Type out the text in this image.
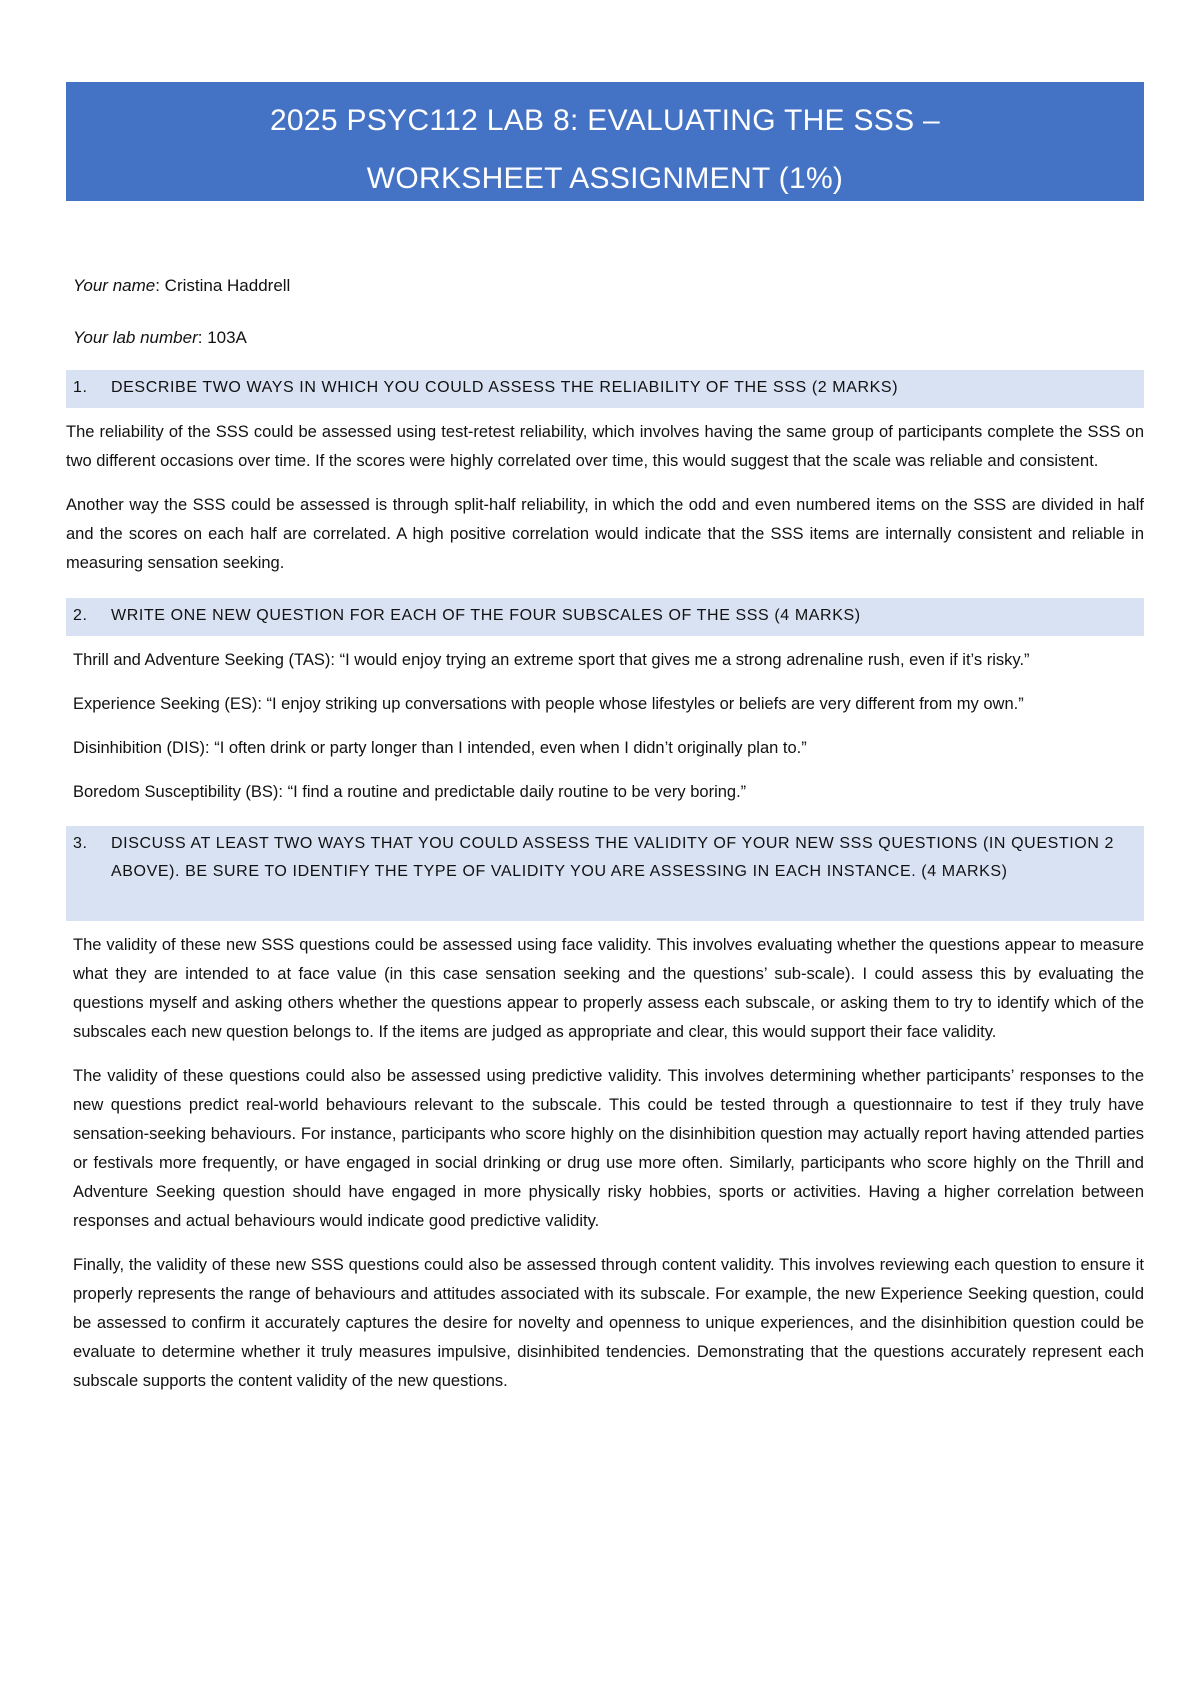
2025 PSYC112 LAB 8: EVALUATING THE SSS –
WORKSHEET ASSIGNMENT (1%)
Your name: Cristina Haddrell
Your lab number: 103A
1.	DESCRIBE TWO WAYS IN WHICH YOU COULD ASSESS THE RELIABILITY OF THE SSS (2 MARKS)

The reliability of the SSS could be assessed using test-retest reliability, which involves having the same group of participants complete the SSS on two different occasions over time. If the scores were highly correlated over time, this would suggest that the scale was reliable and consistent.

Another way the SSS could be assessed is through split-half reliability, in which the odd and even numbered items on the SSS are divided in half and the scores on each half are correlated. A high positive correlation would indicate that the SSS items are internally consistent and reliable in measuring sensation seeking.

2.	WRITE ONE NEW QUESTION FOR EACH OF THE FOUR SUBSCALES OF THE SSS (4 MARKS)

Thrill and Adventure Seeking (TAS): “I would enjoy trying an extreme sport that gives me a strong adrenaline rush, even if it’s risky.”

Experience Seeking (ES): “I enjoy striking up conversations with people whose lifestyles or beliefs are very different from my own.”

Disinhibition (DIS): “I often drink or party longer than I intended, even when I didn’t originally plan to.”

Boredom Susceptibility (BS): “I find a routine and predictable daily routine to be very boring.”

3.	DISCUSS AT LEAST TWO WAYS THAT YOU COULD ASSESS THE VALIDITY OF YOUR NEW SSS QUESTIONS (IN QUESTION 2 ABOVE). BE SURE TO IDENTIFY THE TYPE OF VALIDITY YOU ARE ASSESSING IN EACH INSTANCE. (4 MARKS)

The validity of these new SSS questions could be assessed using face validity. This involves evaluating whether the questions appear to measure what they are intended to at face value (in this case sensation seeking and the questions’ sub-scale). I could assess this by evaluating the questions myself and asking others whether the questions appear to properly assess each subscale, or asking them to try to identify which of the subscales each new question belongs to. If the items are judged as appropriate and clear, this would support their face validity.

The validity of these questions could also be assessed using predictive validity. This involves determining whether participants’ responses to the new questions predict real-world behaviours relevant to the subscale. This could be tested through a questionnaire to test if they truly have sensation-seeking behaviours. For instance, participants who score highly on the disinhibition question may actually report having attended parties or festivals more frequently, or have engaged in social drinking or drug use more often. Similarly, participants who score highly on the Thrill and Adventure Seeking question should have engaged in more physically risky hobbies, sports or activities. Having a higher correlation between responses and actual behaviours would indicate good predictive validity.

Finally, the validity of these new SSS questions could also be assessed through content validity. This involves reviewing each question to ensure it properly represents the range of behaviours and attitudes associated with its subscale. For example, the new Experience Seeking question, could be assessed to confirm it accurately captures the desire for novelty and openness to unique experiences, and the disinhibition question could be evaluate to determine whether it truly measures impulsive, disinhibited tendencies. Demonstrating that the questions accurately represent each subscale supports the content validity of the new questions.
